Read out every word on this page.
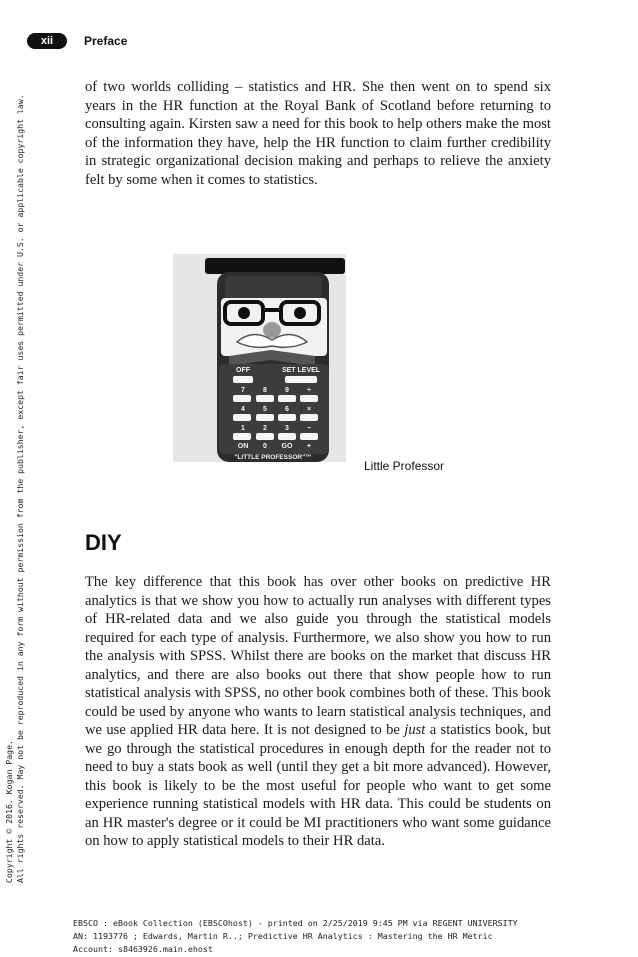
xii	Preface
Copyright © 2016. Kogan Page. All rights reserved. May not be reproduced in any form without permission from the publisher, except fair uses permitted under U.S. or applicable copyright law.

of two worlds colliding – statistics and HR. She then went on to spend six years in the HR function at the Royal Bank of Scotland before returning to consulting again. Kirsten saw a need for this book to help others make the most of the information they have, help the HR function to claim further credibility in strategic organizational decision making and perhaps to relieve the anxiety felt by some when it comes to statistics.

OFF	SET LEVEL
7	8	9	÷
4	5	6	×
1	2	3	−
ON 0 GO +
Ti/R
"LITTLE PROFESSOR"™
Little Professor
DIY

The key difference that this book has over other books on predictive HR analytics is that we show you how to actually run analyses with different types of HR-related data and we also guide you through the statistical models required for each type of analysis. Furthermore, we also show you how to run the analysis with SPSS. Whilst there are books on the market that discuss HR analytics, and there are also books out there that show people how to run statistical analysis with SPSS, no other book combines both of these. This book could be used by anyone who wants to learn statistical analysis techniques, and we use applied HR data here. It is not designed to be just a statistics book, but we go through the statistical procedures in enough depth for the reader not to need to buy a stats book as well (until they get a bit more advanced). However, this book is likely to be the most useful for people who want to get some experience running statistical models with HR data. This could be students on an HR master's degree or it could be MI practitioners who want some guidance on how to apply statistical models to their HR data.

EBSCO : eBook Collection (EBSCOhost) - printed on 2/25/2019 9:45 PM via REGENT UNIVERSITY
AN: 1193776 ; Edwards, Martin R..; Predictive HR Analytics : Mastering the HR Metric
Account: s8463926.main.ehost
